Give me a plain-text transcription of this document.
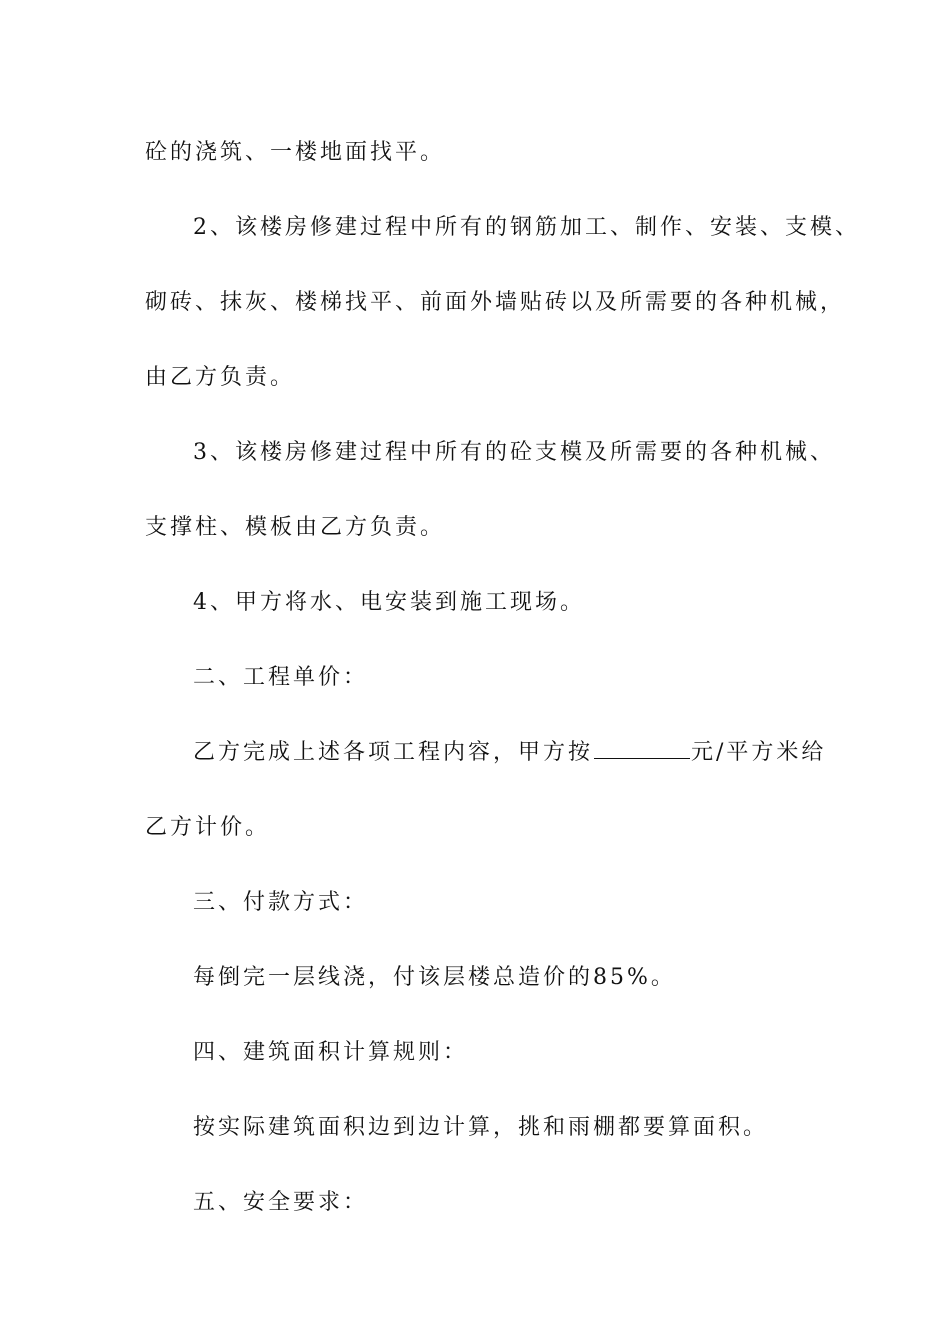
砼的浇筑、一楼地面找平。
2、该楼房修建过程中所有的钢筋加工、制作、安装、支模、
砌砖、抹灰、楼梯找平、前面外墙贴砖以及所需要的各种机械，
由乙方负责。
3、该楼房修建过程中所有的砼支模及所需要的各种机械、
支撑柱、模板由乙方负责。
4、甲方将水、电安装到施工现场。
二、工程单价：
乙方完成上述各项工程内容，甲方按	元/平方米给
乙方计价。
三、付款方式：
每倒完一层线浇，付该层楼总造价的85%。
四、建筑面积计算规则：
按实际建筑面积边到边计算，挑和雨棚都要算面积。
五、安全要求：
